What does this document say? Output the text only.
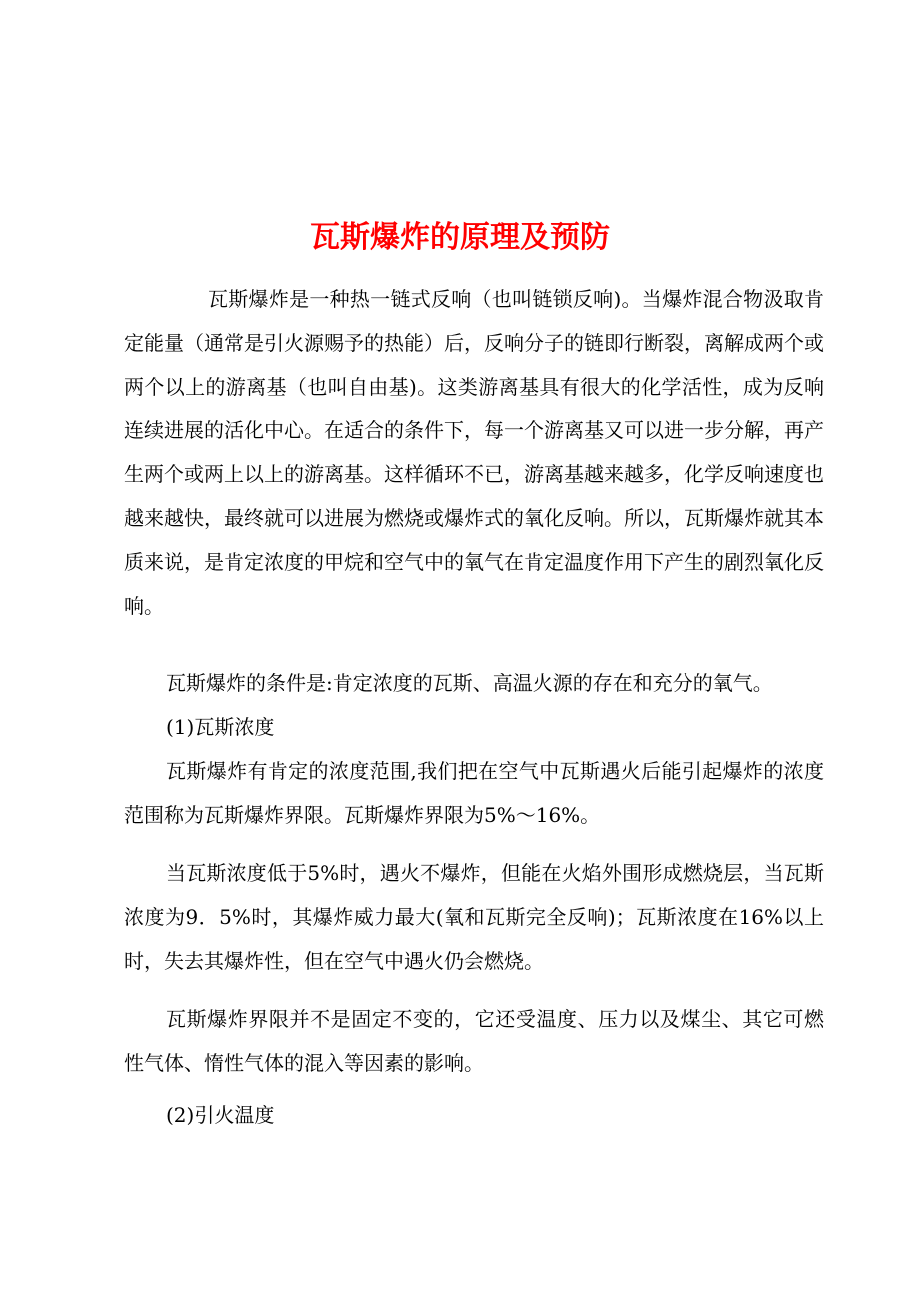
瓦斯爆炸的原理及预防

瓦斯爆炸是一种热一链式反响（也叫链锁反响)。当爆炸混合物汲取肯定能量（通常是引火源赐予的热能）后，反响分子的链即行断裂，离解成两个或两个以上的游离基（也叫自由基)。这类游离基具有很大的化学活性，成为反响连续进展的活化中心。在适合的条件下，每一个游离基又可以进一步分解，再产生两个或两上以上的游离基。这样循环不已，游离基越来越多，化学反响速度也越来越快，最终就可以进展为燃烧或爆炸式的氧化反响。所以，瓦斯爆炸就其本质来说，是肯定浓度的甲烷和空气中的氧气在肯定温度作用下产生的剧烈氧化反响。

瓦斯爆炸的条件是:肯定浓度的瓦斯、高温火源的存在和充分的氧气。

(1)瓦斯浓度

瓦斯爆炸有肯定的浓度范围,我们把在空气中瓦斯遇火后能引起爆炸的浓度范围称为瓦斯爆炸界限。瓦斯爆炸界限为5%～16%。

当瓦斯浓度低于5%时，遇火不爆炸，但能在火焰外围形成燃烧层，当瓦斯浓度为9．5%时，其爆炸威力最大(氧和瓦斯完全反响)；瓦斯浓度在16%以上时，失去其爆炸性，但在空气中遇火仍会燃烧。

瓦斯爆炸界限并不是固定不变的，它还受温度、压力以及煤尘、其它可燃性气体、惰性气体的混入等因素的影响。

(2)引火温度
